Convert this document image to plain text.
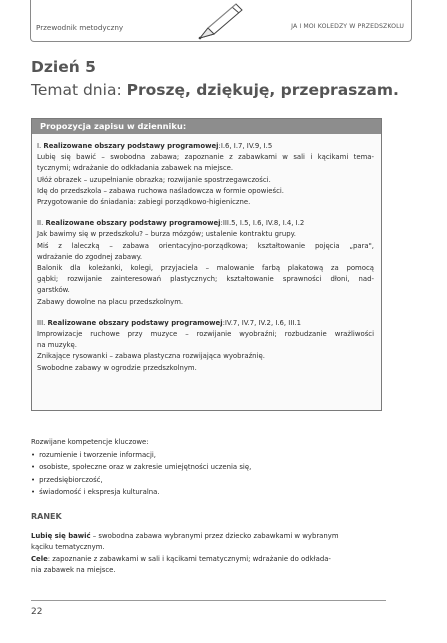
Przewodnik metodyczny	JA I MOI KOLEDZY W PRZEDSZKOLU
Dzień 5
Temat dnia: Proszę, dziękuję, przepraszam.
Propozycja zapisu w dzienniku:
I. Realizowane obszary podstawy programowej:I.6, I.7, IV.9, I.5
Lubię się bawić – swobodna zabawa; zapoznanie z zabawkami w sali i kącikami tema-
tycznymi; wdrażanie do odkładania zabawek na miejsce.
Ułóż obrazek – uzupełnianie obrazka; rozwijanie spostrzegawczości.
Idę do przedszkola – zabawa ruchowa naśladowcza w formie opowieści.
Przygotowanie do śniadania: zabiegi porządkowo-higieniczne.
II. Realizowane obszary podstawy programowej:III.5, I.5, I.6, IV.8, I.4, I.2
Jak bawimy się w przedszkolu? – burza mózgów; ustalenie kontraktu grupy.
Miś z laleczką – zabawa orientacyjno-porządkowa; kształtowanie pojęcia „para",
wdrażanie do zgodnej zabawy.
Balonik dla koleżanki, kolegi, przyjaciela – malowanie farbą plakatową za pomocą
gąbki; rozwijanie zainteresowań plastycznych; kształtowanie sprawności dłoni, nad-
garstków.
Zabawy dowolne na placu przedszkolnym.
III. Realizowane obszary podstawy programowej:IV.7, IV.7, IV.2, I.6, III.1
Improwizacje ruchowe przy muzyce – rozwijanie wyobraźni; rozbudzanie wrażliwości
na muzykę.
Znikające rysowanki – zabawa plastyczna rozwijająca wyobraźnię.
Swobodne zabawy w ogrodzie przedszkolnym.
Rozwijane kompetencje kluczowe:
• rozumienie i tworzenie informacji,
• osobiste, społeczne oraz w zakresie umiejętności uczenia się,
• przedsiębiorczość,
• świadomość i ekspresja kulturalna.
RANEK
Lubię się bawić – swobodna zabawa wybranymi przez dziecko zabawkami w wybranym
kąciku tematycznym.
Cele: zapoznanie z zabawkami w sali i kącikami tematycznymi; wdrażanie do odkłada-
nia zabawek na miejsce.
22
